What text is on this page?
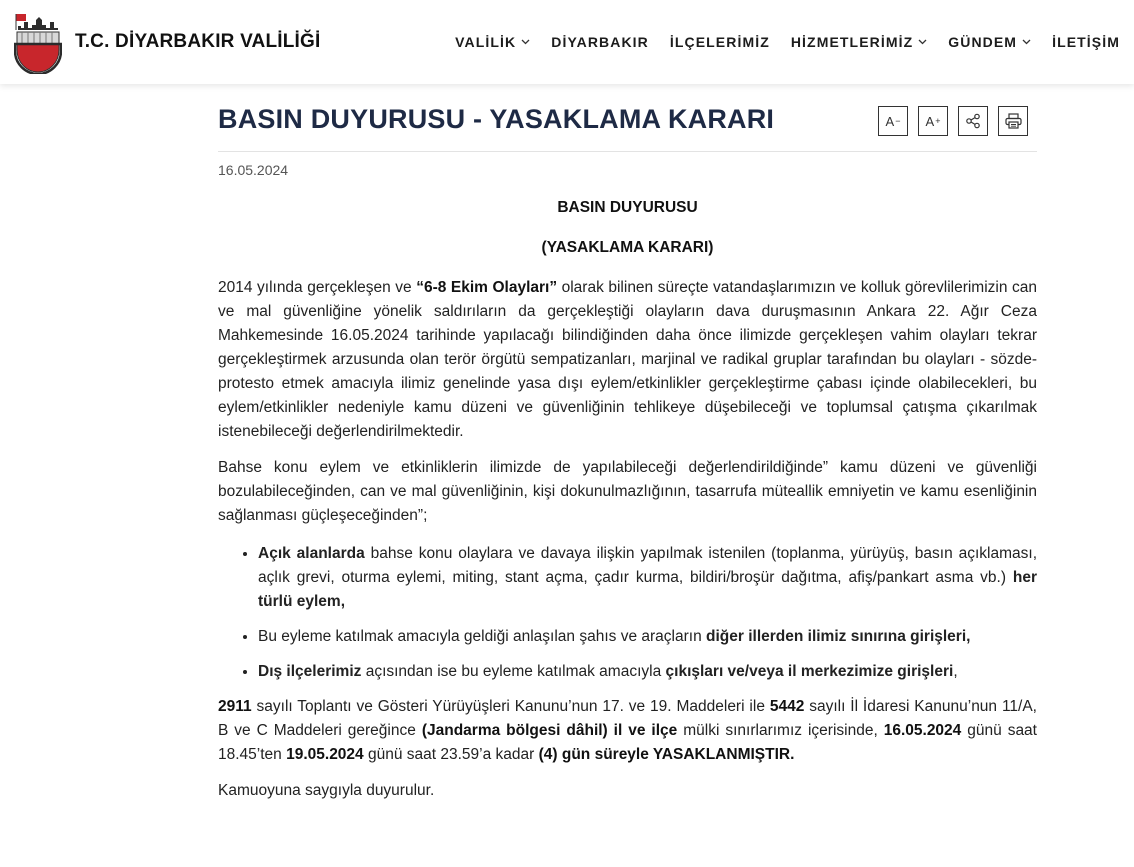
T.C. DİYARBAKIR VALİLİĞİ	VALİLİK	DİYARBAKIR İLÇELERİMİZ HİZMETLERİMİZ	GÜNDEM	İLETİŞİM
BASIN DUYURUSU - YASAKLAMA KARARI	A − A +
16.05.2024
BASIN DUYURUSU
(YASAKLAMA KARARI)

2014 yılında gerçekleşen ve “6-8 Ekim Olayları” olarak bilinen süreçte vatandaşlarımızın ve kolluk görevlilerimizin can ve mal güvenliğine yönelik saldırıların da gerçekleştiği olayların dava duruşmasının Ankara 22. Ağır Ceza Mahkemesinde 16.05.2024 tarihinde yapılacağı bilindiğinden daha önce ilimizde gerçekleşen vahim olayları tekrar gerçekleştirmek arzusunda olan terör örgütü sempatizanları, marjinal ve radikal gruplar tarafından bu olayları - sözde- protesto etmek amacıyla ilimiz genelinde yasa dışı eylem/etkinlikler gerçekleştirme çabası içinde olabilecekleri, bu eylem/etkinlikler nedeniyle kamu düzeni ve güvenliğinin tehlikeye düşebileceği ve toplumsal çatışma çıkarılmak istenebileceği değerlendirilmektedir.

Bahse konu eylem ve etkinliklerin ilimizde de yapılabileceği değerlendirildiğinde” kamu düzeni ve güvenliği bozulabileceğinden, can ve mal güvenliğinin, kişi dokunulmazlığının, tasarrufa müteallik emniyetin ve kamu esenliğinin sağlanması güçleşeceğinden”;

• Açık alanlarda bahse konu olaylara ve davaya ilişkin yapılmak istenilen (toplanma, yürüyüş, basın açıklaması, açlık grevi, oturma eylemi, miting, stant açma, çadır kurma, bildiri/broşür dağıtma, afiş/pankart asma vb.) her türlü eylem,
• Bu eyleme katılmak amacıyla geldiği anlaşılan şahıs ve araçların diğer illerden ilimiz sınırına girişleri,
• Dış ilçelerimiz açısından ise bu eyleme katılmak amacıyla çıkışları ve/veya il merkezimize girişleri,

2911 sayılı Toplantı ve Gösteri Yürüyüşleri Kanunu’nun 17. ve 19. Maddeleri ile 5442 sayılı İl İdaresi Kanunu’nun 11/A, B ve C Maddeleri gereğince (Jandarma bölgesi dâhil) il ve ilçe mülki sınırlarımız içerisinde, 16.05.2024 günü saat 18.45’ten 19.05.2024 günü saat 23.59’a kadar (4) gün süreyle YASAKLANMIŞTIR.

Kamuoyuna saygıyla duyurulur.
